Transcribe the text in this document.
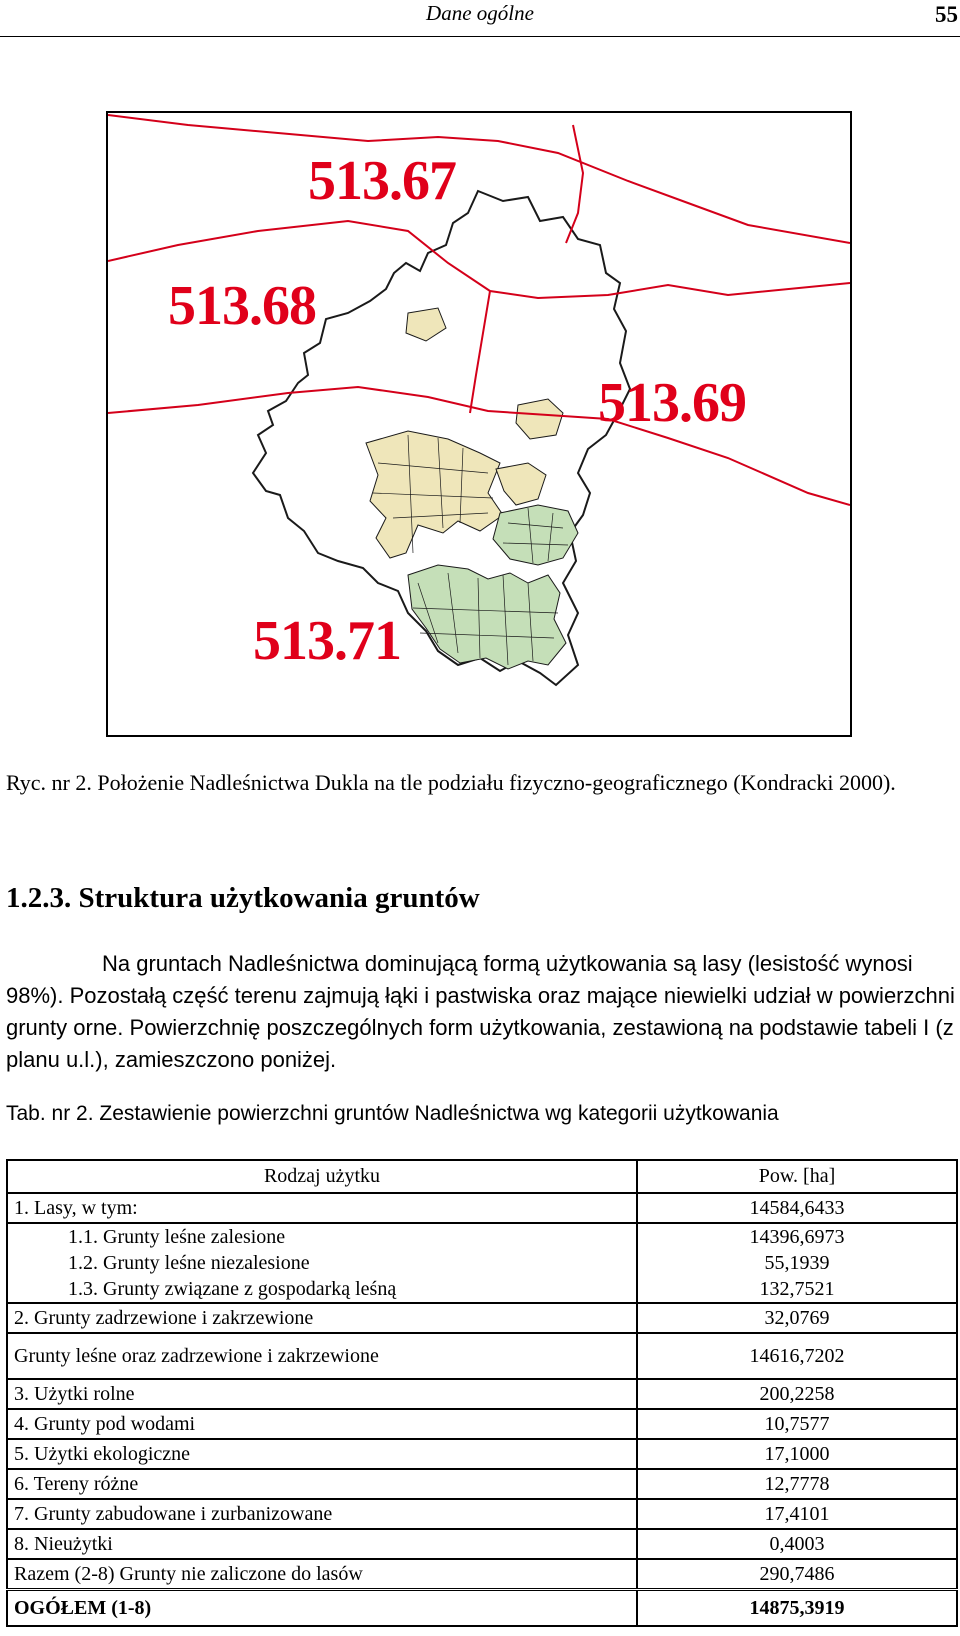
Dane ogólne	55
513.67
513.68
513.69
513.71
Ryc. nr 2. Położenie Nadleśnictwa Dukla na tle podziału fizyczno-geograficznego (Kondracki 2000).
1.2.3. Struktura użytkowania gruntów
Na gruntach Nadleśnictwa dominującą formą użytkowania są lasy (lesistość wynosi 98%). Pozostałą część terenu zajmują łąki i pastwiska oraz mające niewielki udział w powierzchni grunty orne. Powierzchnię poszczególnych form użytkowania, zestawioną na podstawie tabeli I (z planu u.l.), zamieszczono poniżej.
Tab. nr 2. Zestawienie powierzchni gruntów Nadleśnictwa wg kategorii użytkowania
Rodzaj użytku	Pow. [ha]
1. Lasy, w tym:	14584,6433
1.1. Grunty leśne zalesione	14396,6973
1.2. Grunty leśne niezalesione	55,1939
1.3. Grunty związane z gospodarką leśną	132,7521
2. Grunty zadrzewione i zakrzewione	32,0769
Grunty leśne oraz zadrzewione i zakrzewione	14616,7202
3. Użytki rolne	200,2258
4. Grunty pod wodami	10,7577
5. Użytki ekologiczne	17,1000
6. Tereny różne	12,7778
7. Grunty zabudowane i zurbanizowane	17,4101
8. Nieużytki	0,4003
Razem (2-8) Grunty nie zaliczone do lasów	290,7486
OGÓŁEM (1-8)	14875,3919
